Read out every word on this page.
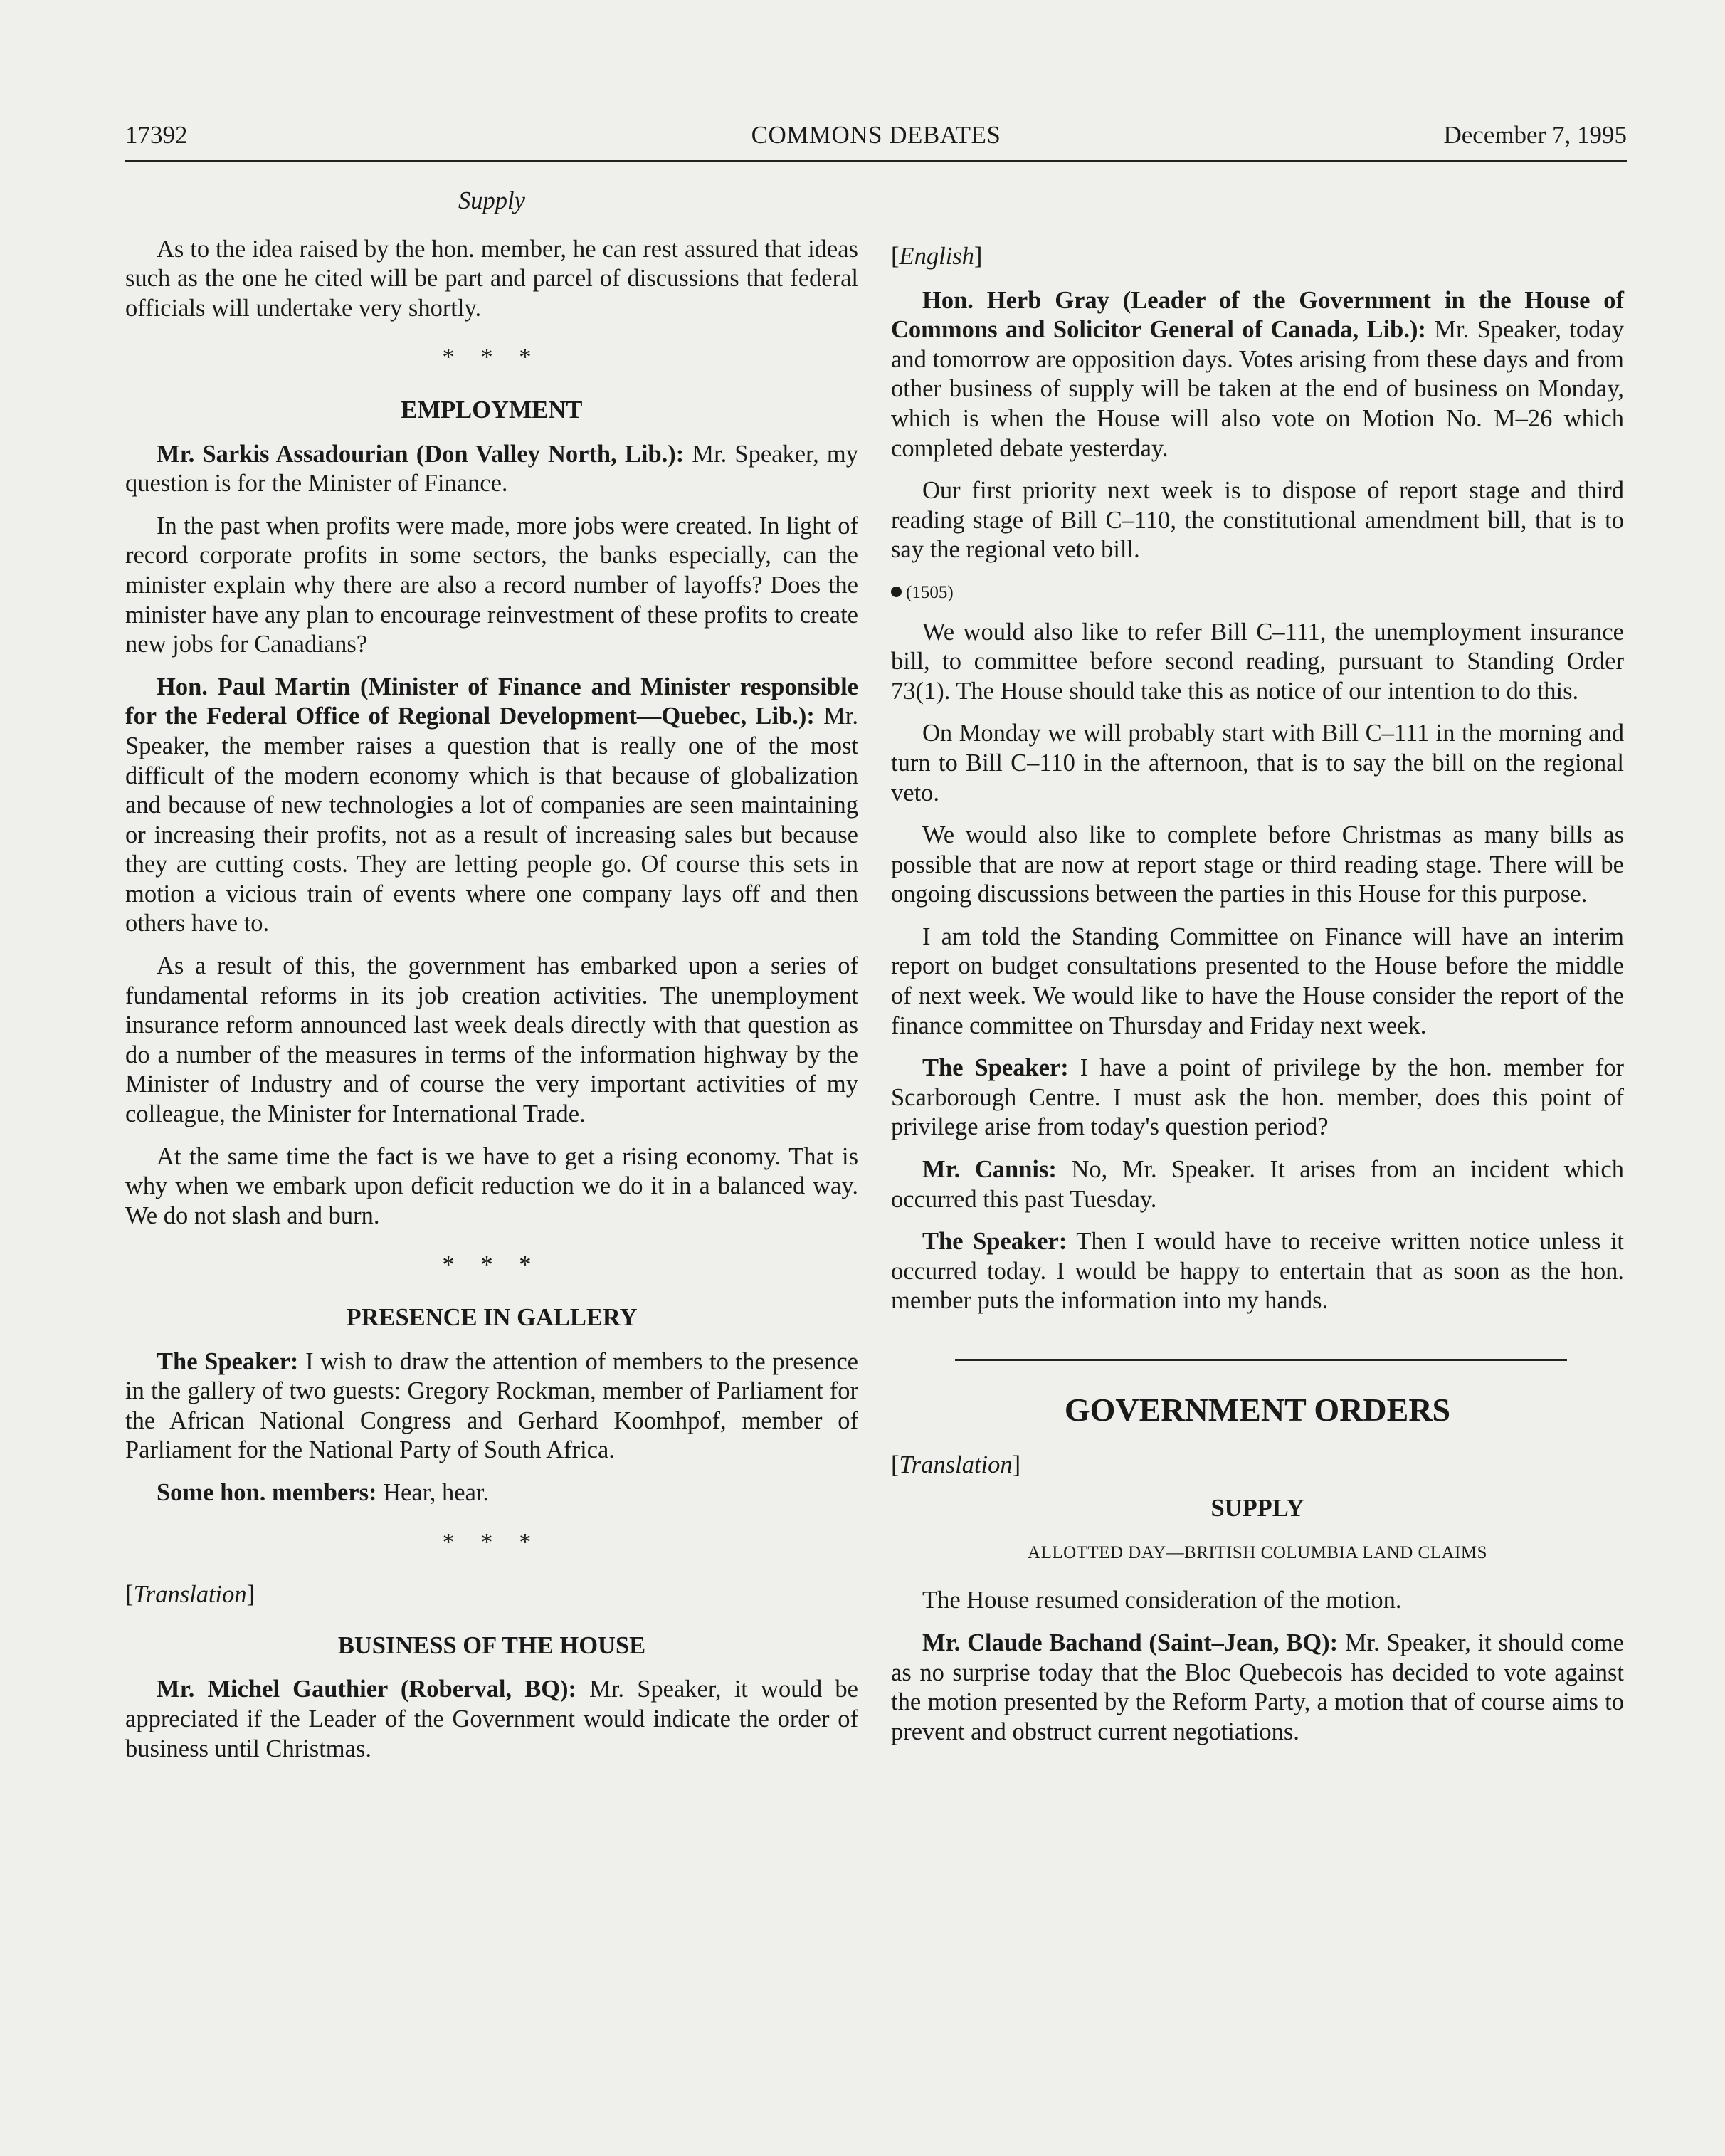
17392	COMMONS DEBATES	December 7, 1995
Supply

As to the idea raised by the hon. member, he can rest assured that ideas such as the one he cited will be part and parcel of discussions that federal officials will undertake very shortly.

* * *
EMPLOYMENT

Mr. Sarkis Assadourian (Don Valley North, Lib.): Mr. Speaker, my question is for the Minister of Finance.

In the past when profits were made, more jobs were created. In light of record corporate profits in some sectors, the banks especially, can the minister explain why there are also a record number of layoffs? Does the minister have any plan to encourage reinvestment of these profits to create new jobs for Canadians?

Hon. Paul Martin (Minister of Finance and Minister responsible for the Federal Office of Regional Development—Quebec, Lib.): Mr. Speaker, the member raises a question that is really one of the most difficult of the modern economy which is that because of globalization and because of new technologies a lot of companies are seen maintaining or increasing their profits, not as a result of increasing sales but because they are cutting costs. They are letting people go. Of course this sets in motion a vicious train of events where one company lays off and then others have to.

As a result of this, the government has embarked upon a series of fundamental reforms in its job creation activities. The unemployment insurance reform announced last week deals directly with that question as do a number of the measures in terms of the information highway by the Minister of Industry and of course the very important activities of my colleague, the Minister for International Trade.

At the same time the fact is we have to get a rising economy. That is why when we embark upon deficit reduction we do it in a balanced way. We do not slash and burn.

* * *
PRESENCE IN GALLERY

The Speaker: I wish to draw the attention of members to the presence in the gallery of two guests: Gregory Rockman, member of Parliament for the African National Congress and Gerhard Koomhpof, member of Parliament for the National Party of South Africa.

Some hon. members: Hear, hear.

* * *
[Translation]
BUSINESS OF THE HOUSE

Mr. Michel Gauthier (Roberval, BQ): Mr. Speaker, it would be appreciated if the Leader of the Government would indicate the order of business until Christmas.

[English]

Hon. Herb Gray (Leader of the Government in the House of Commons and Solicitor General of Canada, Lib.): Mr. Speaker, today and tomorrow are opposition days. Votes arising from these days and from other business of supply will be taken at the end of business on Monday, which is when the House will also vote on Motion No. M–26 which completed debate yesterday.

Our first priority next week is to dispose of report stage and third reading stage of Bill C–110, the constitutional amendment bill, that is to say the regional veto bill.

(1505)

We would also like to refer Bill C–111, the unemployment insurance bill, to committee before second reading, pursuant to Standing Order 73(1). The House should take this as notice of our intention to do this.

On Monday we will probably start with Bill C–111 in the morning and turn to Bill C–110 in the afternoon, that is to say the bill on the regional veto.

We would also like to complete before Christmas as many bills as possible that are now at report stage or third reading stage. There will be ongoing discussions between the parties in this House for this purpose.

I am told the Standing Committee on Finance will have an interim report on budget consultations presented to the House before the middle of next week. We would like to have the House consider the report of the finance committee on Thursday and Friday next week.

The Speaker: I have a point of privilege by the hon. member for Scarborough Centre. I must ask the hon. member, does this point of privilege arise from today's question period?

Mr. Cannis: No, Mr. Speaker. It arises from an incident which occurred this past Tuesday.

The Speaker: Then I would have to receive written notice unless it occurred today. I would be happy to entertain that as soon as the hon. member puts the information into my hands.

GOVERNMENT ORDERS
[Translation]
SUPPLY
ALLOTTED DAY—BRITISH COLUMBIA LAND CLAIMS

The House resumed consideration of the motion.

Mr. Claude Bachand (Saint–Jean, BQ): Mr. Speaker, it should come as no surprise today that the Bloc Quebecois has decided to vote against the motion presented by the Reform Party, a motion that of course aims to prevent and obstruct current negotiations.
